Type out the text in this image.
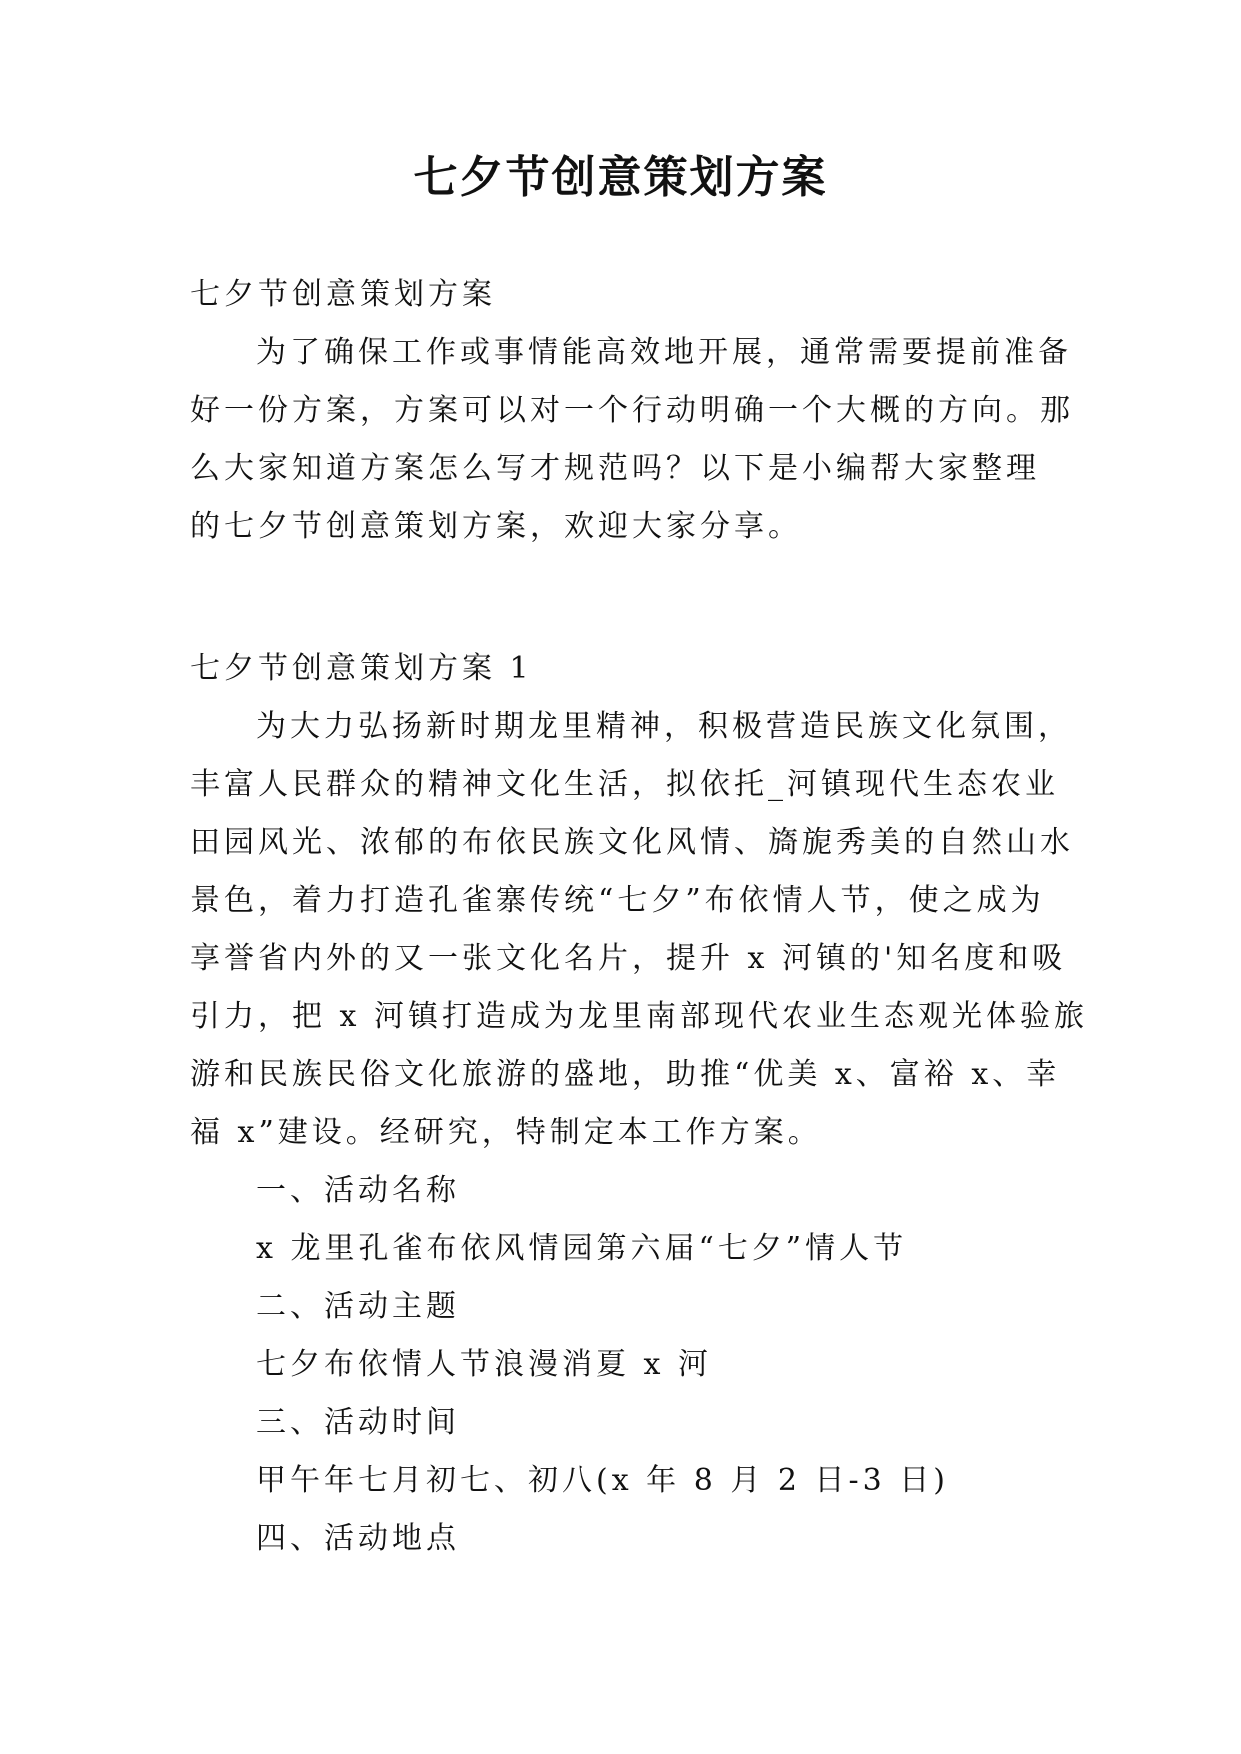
七夕节创意策划方案
七夕节创意策划方案
为了确保工作或事情能高效地开展，通常需要提前准备
好一份方案，方案可以对一个行动明确一个大概的方向。那
么大家知道方案怎么写才规范吗？以下是小编帮大家整理
的七夕节创意策划方案，欢迎大家分享。
七夕节创意策划方案 1
为大力弘扬新时期龙里精神，积极营造民族文化氛围，
丰富人民群众的精神文化生活，拟依托_河镇现代生态农业
田园风光、浓郁的布依民族文化风情、旖旎秀美的自然山水
景色，着力打造孔雀寨传统“七夕”布依情人节，使之成为
享誉省内外的又一张文化名片，提升 x 河镇的'知名度和吸
引力，把 x 河镇打造成为龙里南部现代农业生态观光体验旅
游和民族民俗文化旅游的盛地，助推“优美 x、富裕 x、幸
福 x”建设。经研究，特制定本工作方案。
一、活动名称
x 龙里孔雀布依风情园第六届“七夕”情人节
二、活动主题
七夕布依情人节浪漫消夏 x 河
三、活动时间
甲午年七月初七、初八(x 年 8 月 2 日-3 日)
四、活动地点
